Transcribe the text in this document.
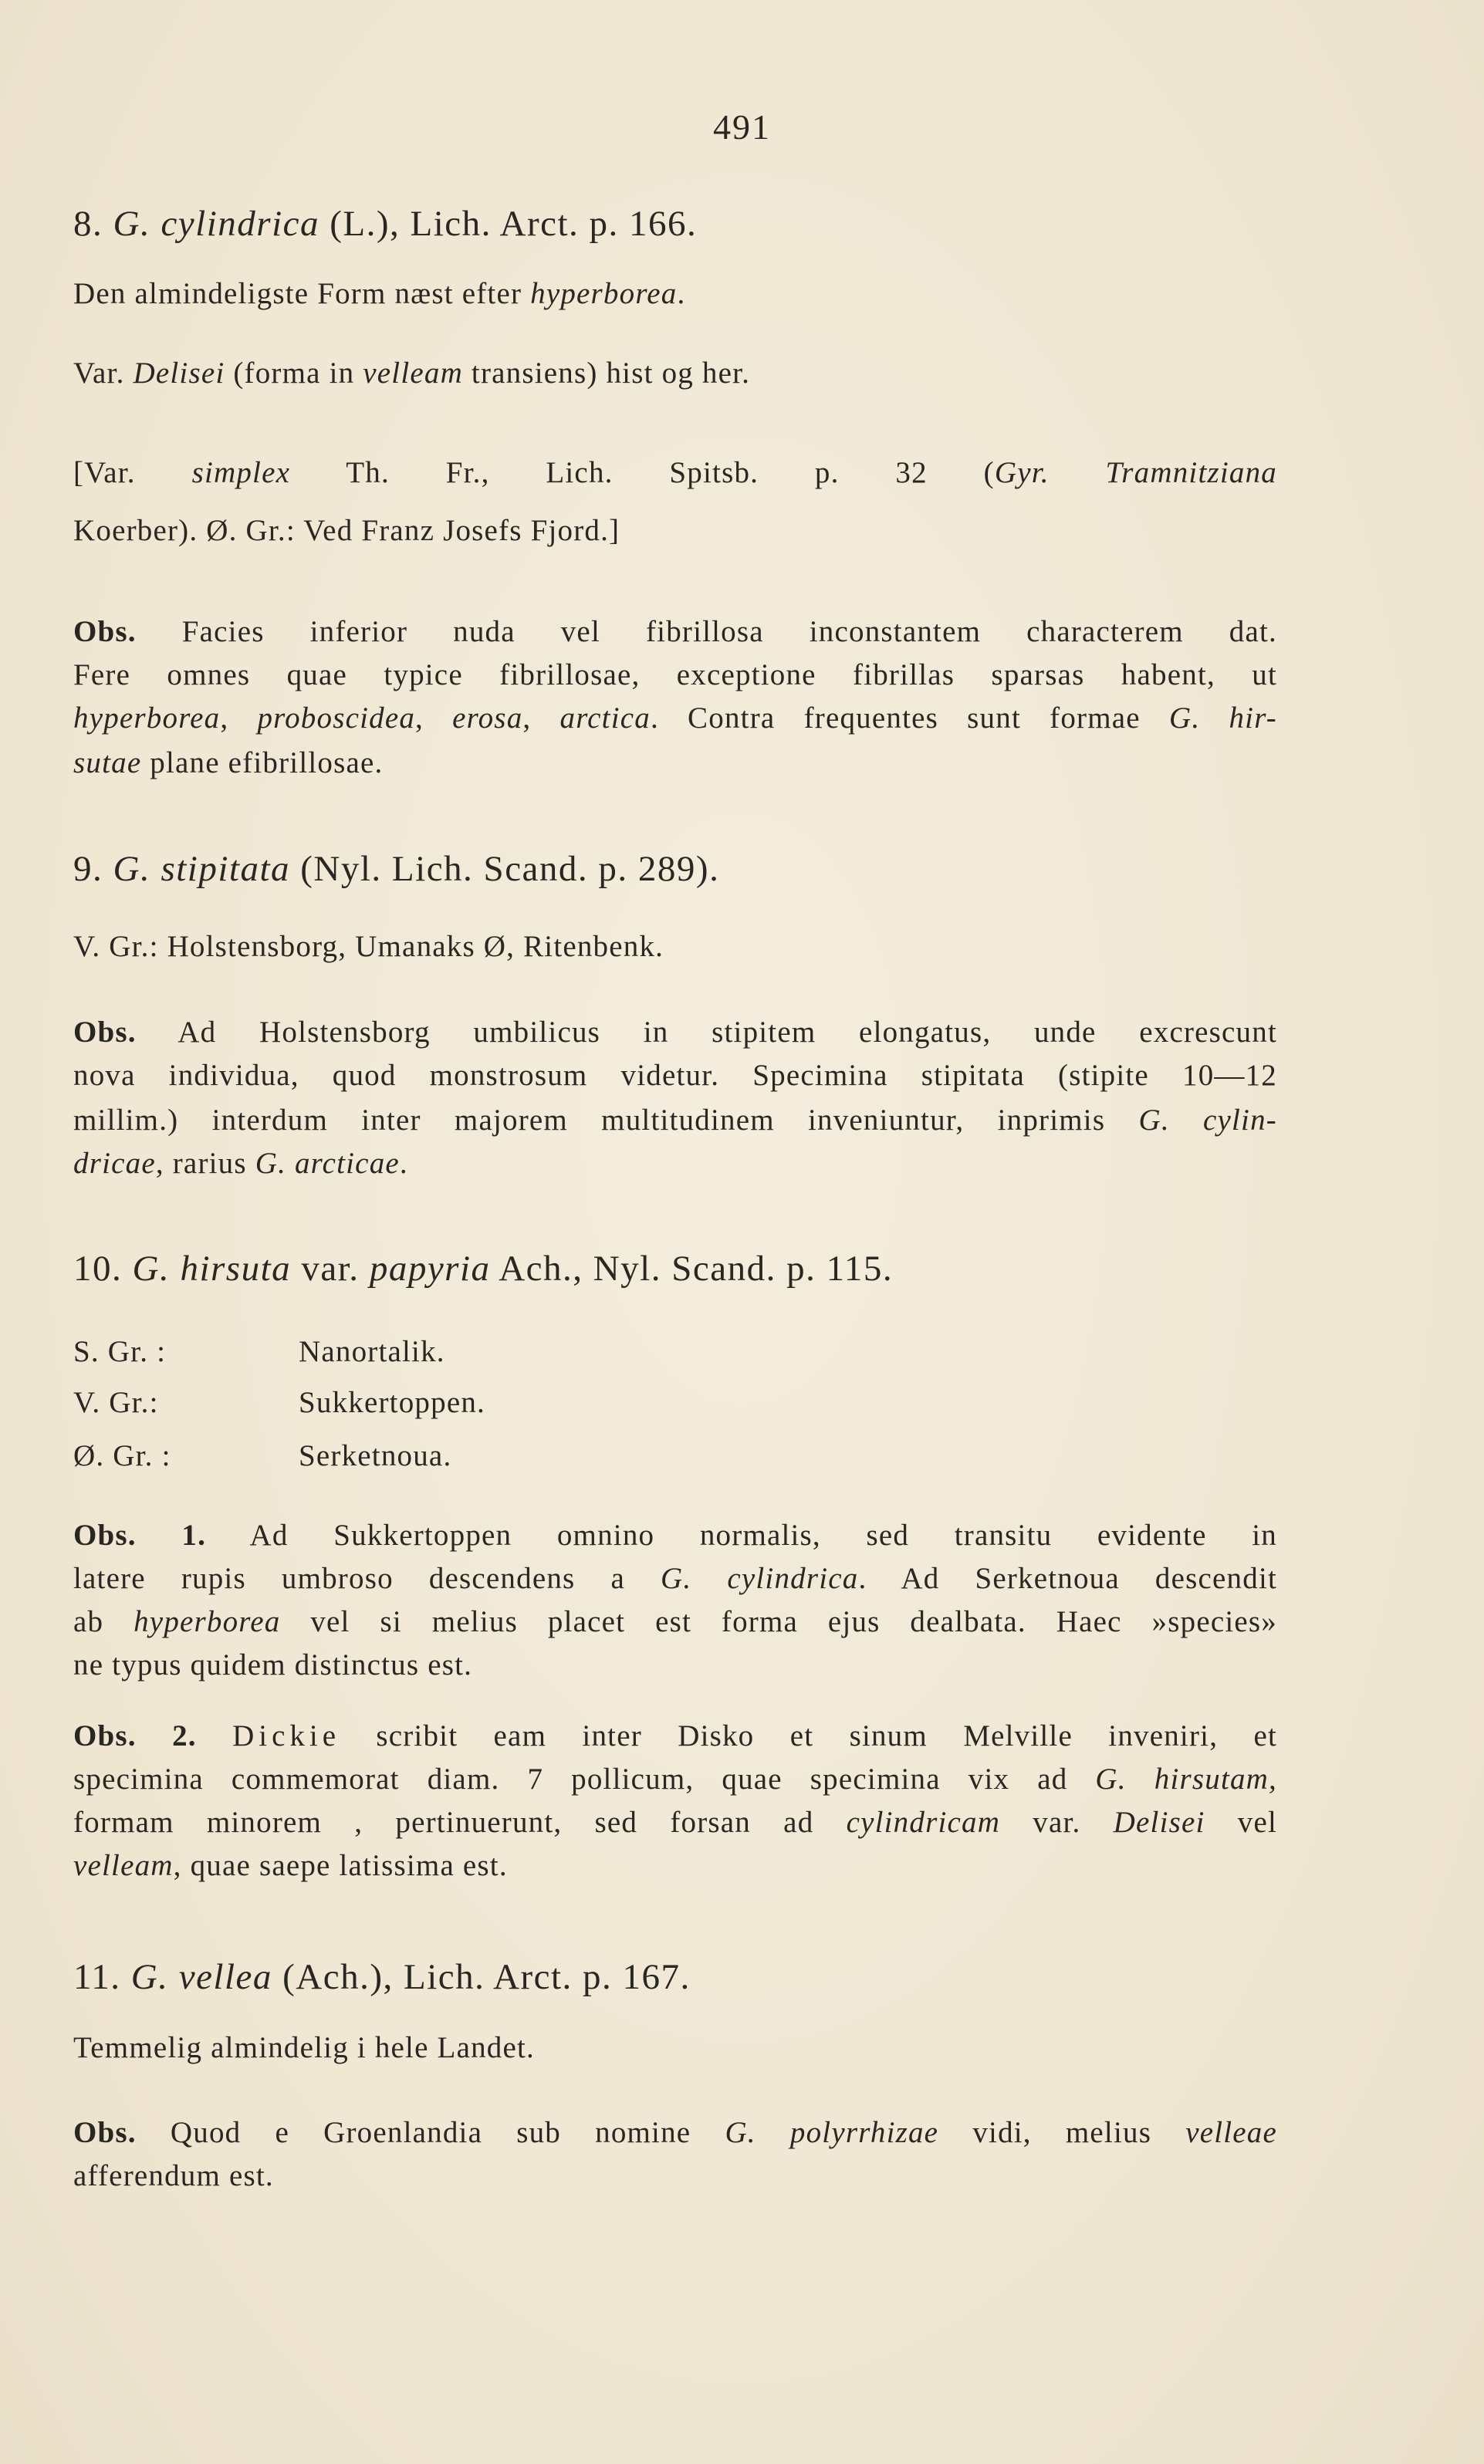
491
8. G. cylindrica (L.), Lich. Arct. p. 166.
Den almindeligste Form næst efter hyperborea.
Var. Delisei (forma in velleam transiens) hist og her.
[Var. simplex Th. Fr., Lich. Spitsb. p. 32 (Gyr. Tramnitziana
Koerber). Ø. Gr.: Ved Franz Josefs Fjord.]
Obs. Facies inferior nuda vel fibrillosa inconstantem characterem dat.
Fere omnes quae typice fibrillosae, exceptione fibrillas sparsas habent, ut
hyperborea, proboscidea, erosa, arctica. Contra frequentes sunt formae G. hir-
sutae plane efibrillosae.
9. G. stipitata (Nyl. Lich. Scand. p. 289).
V. Gr.: Holstensborg, Umanaks Ø, Ritenbenk.
Obs. Ad Holstensborg umbilicus in stipitem elongatus, unde excrescunt
nova individua, quod monstrosum videtur. Specimina stipitata (stipite 10—12
millim.) interdum inter majorem multitudinem inveniuntur, inprimis G. cylin-
dricae, rarius G. arcticae.
10. G. hirsuta var. papyria Ach., Nyl. Scand. p. 115.
S. Gr. :	Nanortalik.
V. Gr.:	Sukkertoppen.
Ø. Gr. :	Serketnoua.
Obs. 1. Ad Sukkertoppen omnino normalis, sed transitu evidente in
latere rupis umbroso descendens a G. cylindrica. Ad Serketnoua descendit
ab hyperborea vel si melius placet est forma ejus dealbata. Haec »species»
ne typus quidem distinctus est.
Obs. 2. Dickie scribit eam inter Disko et sinum Melville inveniri, et
specimina commemorat diam. 7 pollicum, quae specimina vix ad G. hirsutam,
formam minorem , pertinuerunt, sed forsan ad cylindricam var. Delisei vel
velleam, quae saepe latissima est.
11. G. vellea (Ach.), Lich. Arct. p. 167.
Temmelig almindelig i hele Landet.
Obs. Quod e Groenlandia sub nomine G. polyrrhizae vidi, melius velleae
afferendum est.
